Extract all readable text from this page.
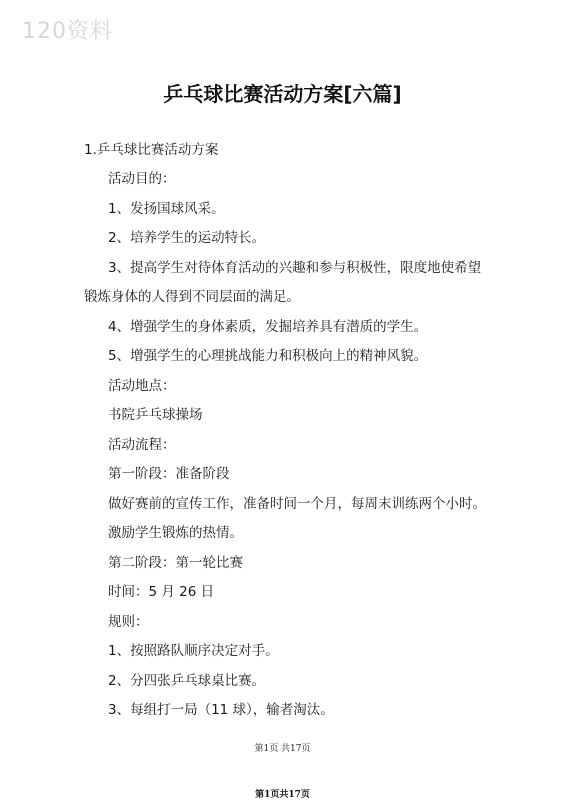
120资料
乒乓球比赛活动方案[六篇]
1.乒乓球比赛活动方案
活动目的：
1、发扬国球风采。
2、培养学生的运动特长。
3、提高学生对待体育活动的兴趣和参与积极性，限度地使希望
锻炼身体的人得到不同层面的满足。
4、增强学生的身体素质，发掘培养具有潜质的学生。
5、增强学生的心理挑战能力和积极向上的精神风貌。
活动地点：
书院乒乓球操场
活动流程：
第一阶段：准备阶段
做好赛前的宣传工作，准备时间一个月，每周末训练两个小时。
激励学生锻炼的热情。
第二阶段：第一轮比赛
时间：5 月 26 日
规则：
1、按照路队顺序决定对手。
2、分四张乒乓球桌比赛。
3、每组打一局（11 球），输者淘汰。
第1页 共17页
第1页共17页
